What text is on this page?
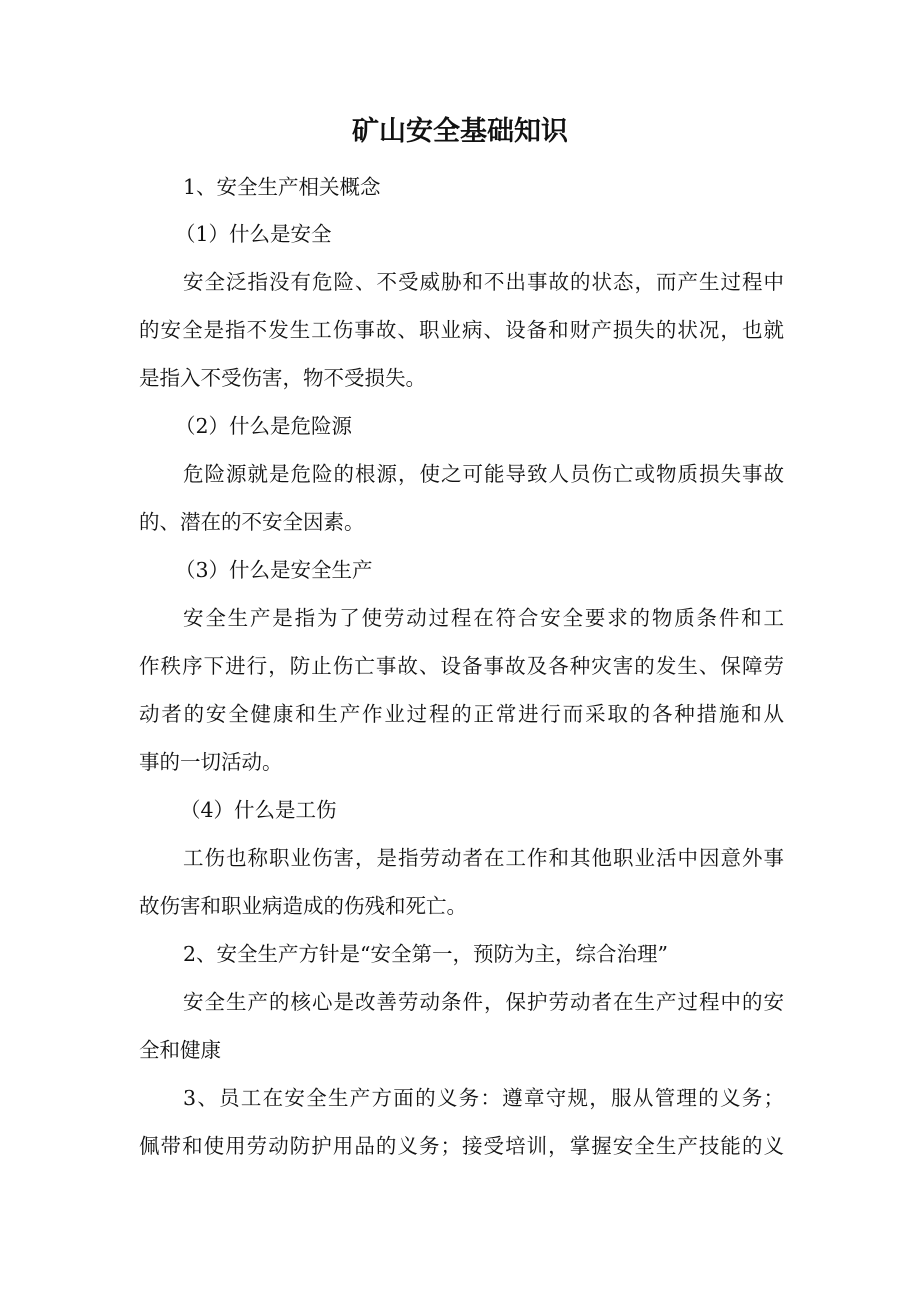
矿山安全基础知识
1、安全生产相关概念
（1）什么是安全
安全泛指没有危险、不受威胁和不出事故的状态，而产生过程中
的安全是指不发生工伤事故、职业病、设备和财产损失的状况，也就
是指入不受伤害，物不受损失。
（2）什么是危险源
危险源就是危险的根源，使之可能导致人员伤亡或物质损失事故
的、潜在的不安全因素。
（3）什么是安全生产
安全生产是指为了使劳动过程在符合安全要求的物质条件和工
作秩序下进行，防止伤亡事故、设备事故及各种灾害的发生、保障劳
动者的安全健康和生产作业过程的正常进行而采取的各种措施和从
事的一切活动。
（4）什么是工伤
工伤也称职业伤害，是指劳动者在工作和其他职业活中因意外事
故伤害和职业病造成的伤残和死亡。
2、安全生产方针是“安全第一，预防为主，综合治理”
安全生产的核心是改善劳动条件，保护劳动者在生产过程中的安
全和健康
3、员工在安全生产方面的义务：遵章守规，服从管理的义务；
佩带和使用劳动防护用品的义务；接受培训，掌握安全生产技能的义
